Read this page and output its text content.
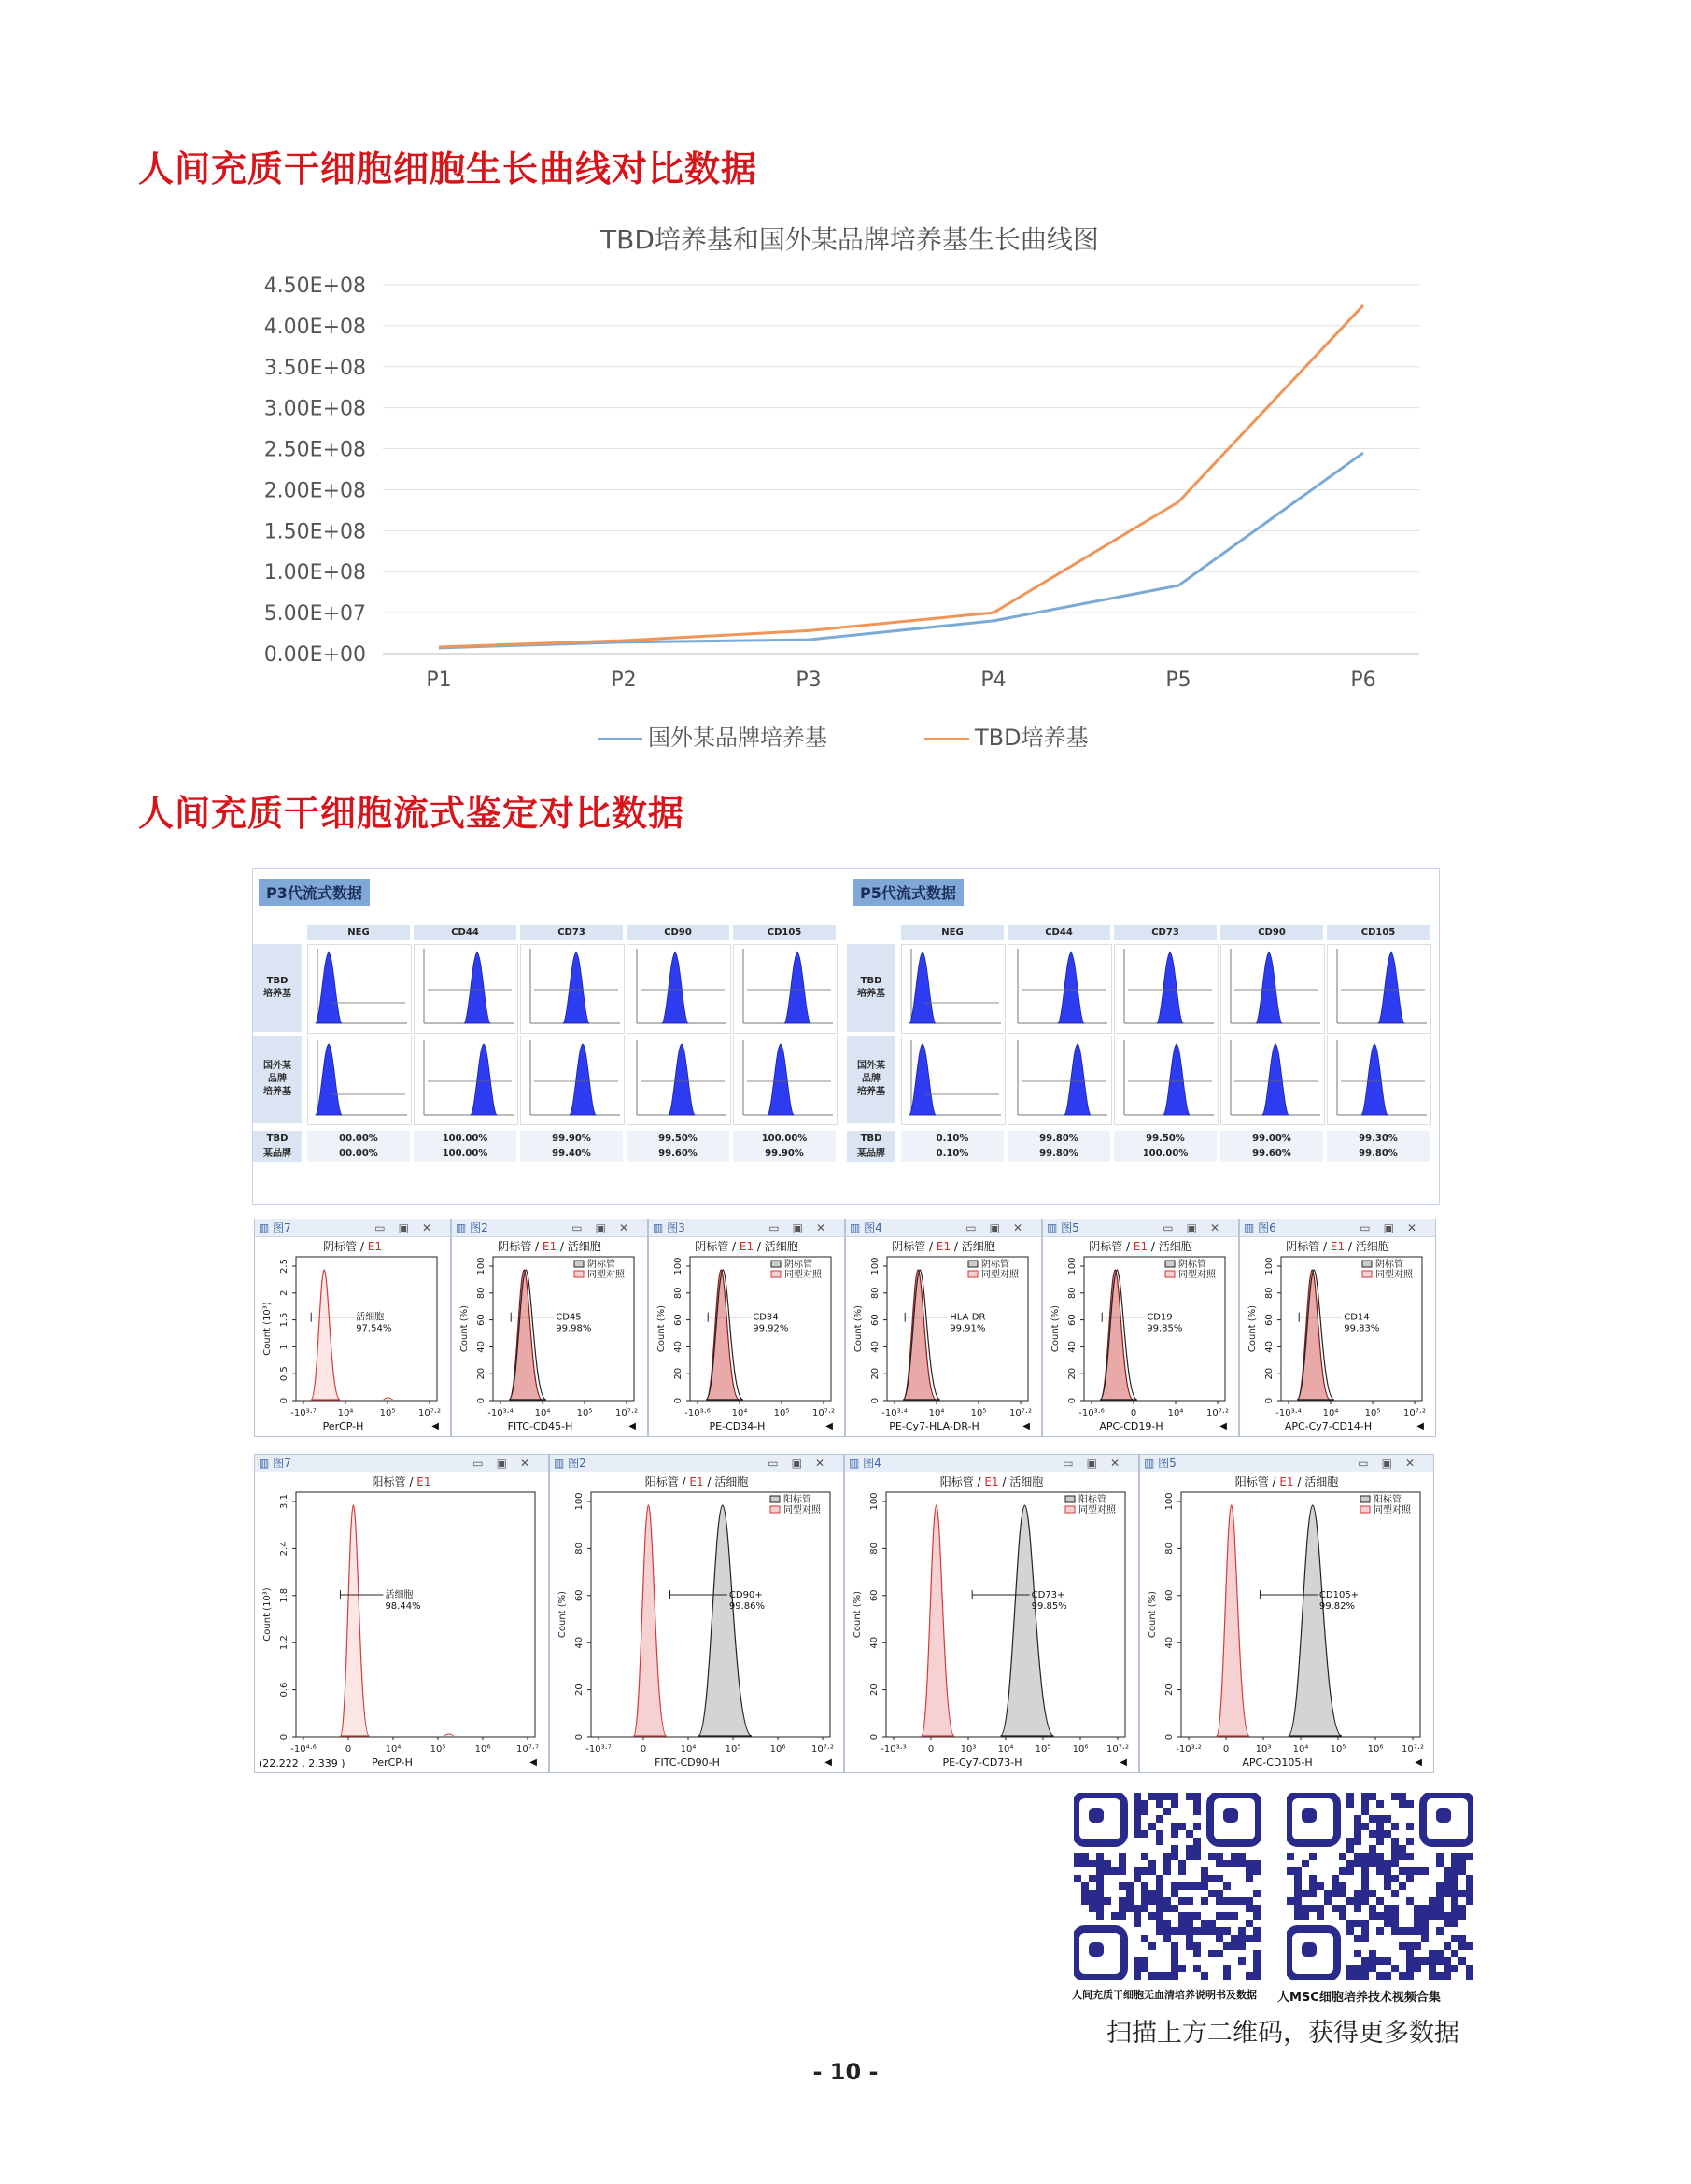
人间充质干细胞细胞生长曲线对比数据
TBD培养基和国外某品牌培养基生长曲线图
0.00E+00
5.00E+07
1.00E+08
1.50E+08
2.00E+08
2.50E+08
3.00E+08
3.50E+08
4.00E+08
4.50E+08
P1	P2	P3	P4	P5	P6
国外某品牌培养基	TBD培养基
人间充质干细胞流式鉴定对比数据
P3代流式数据
NEG	CD44	CD73	CD90	CD105
TBD
培养基
国外某
品牌
培养基
TBD	00.00%	100.00%	99.90%	99.50%	100.00%
某品牌	00.00%	100.00%	99.40%	99.60%	99.90%
P5代流式数据
NEG	CD44	CD73	CD90	CD105
TBD
培养基
国外某
品牌
培养基
TBD	0.10%	99.80%	99.50%	99.00%	99.30%
某品牌	0.10%	99.80%	100.00%	99.60%	99.80%
▥ 图7	▭▣✕
阴标管 / E1
0
0.5
1
1.5
2
2.5
Count (10³)
-10³·⁷ 10⁴	10⁵ 10⁷·²
活细胞
97.54%
PerCP-H	◀
▥ 图2	▭▣✕
阴标管 / E1 / 活细胞
0
20
40
60
80
100
Count (%)
-10³·⁴ 10⁴	10⁵ 10⁷·²
CD45-
99.98%
阴标管
同型对照
FITC-CD45-H	◀
▥ 图3	▭▣✕
阴标管 / E1 / 活细胞
0
20
40
60
80
100
Count (%)
-10³·⁶ 10⁴	10⁵ 10⁷·²
CD34-
99.92%
阴标管
同型对照
PE-CD34-H	◀
▥ 图4	▭▣✕
阴标管 / E1 / 活细胞
0
20
40
60
80
100
Count (%)
-10³·⁴ 10⁴	10⁵ 10⁷·²
HLA-DR-
99.91%
阴标管
同型对照
PE-Cy7-HLA-DR-H	◀
▥ 图5	▭▣✕
阴标管 / E1 / 活细胞
0
20
40
60
80
100
Count (%)
-10³·⁶	0	10⁴ 10⁷·²
CD19-
99.85%
阴标管
同型对照
APC-CD19-H	◀
▥ 图6	▭▣✕
阴标管 / E1 / 活细胞
0
20
40
60
80
100
Count (%)
-10³·⁴ 10⁴	10⁵ 10⁷·²
CD14-
99.83%
阴标管
同型对照
APC-Cy7-CD14-H	◀
▥ 图7	▭▣✕
阳标管 / E1
0
0.6
1.2
1.8
2.4
3.1
Count (10³)
-10⁴·⁶	0	10⁴	10⁵	10⁶	10⁷·⁷
活细胞
98.44%
PerCP-H	◀
(22.222 , 2.339 )
▥ 图2	▭▣✕
阳标管 / E1 / 活细胞
0
20
40
60
80
100
Count (%)
-10³·⁷	0	10⁴	10⁵	10⁶	10⁷·²
CD90+
99.86%
阳标管
同型对照
FITC-CD90-H	◀
▥ 图4	▭▣✕
阳标管 / E1 / 活细胞
0
20
40
60
80
100
Count (%)
-10³·³ 0	10³ 10⁴ 10⁵ 10⁶ 10⁷·²
CD73+
99.85%
阳标管
同型对照
PE-Cy7-CD73-H	◀
▥ 图5	▭▣✕
阳标管 / E1 / 活细胞
0
20
40
60
80
100
Count (%)
-10³·² 0	10³ 10⁴ 10⁵ 10⁶ 10⁷·²
CD105+
99.82%
阳标管
同型对照
APC-CD105-H	◀
人间充质干细胞无血清培养说明书及数据 人MSC细胞培养技术视频合集
扫描上方二维码，获得更多数据
- 10 -
